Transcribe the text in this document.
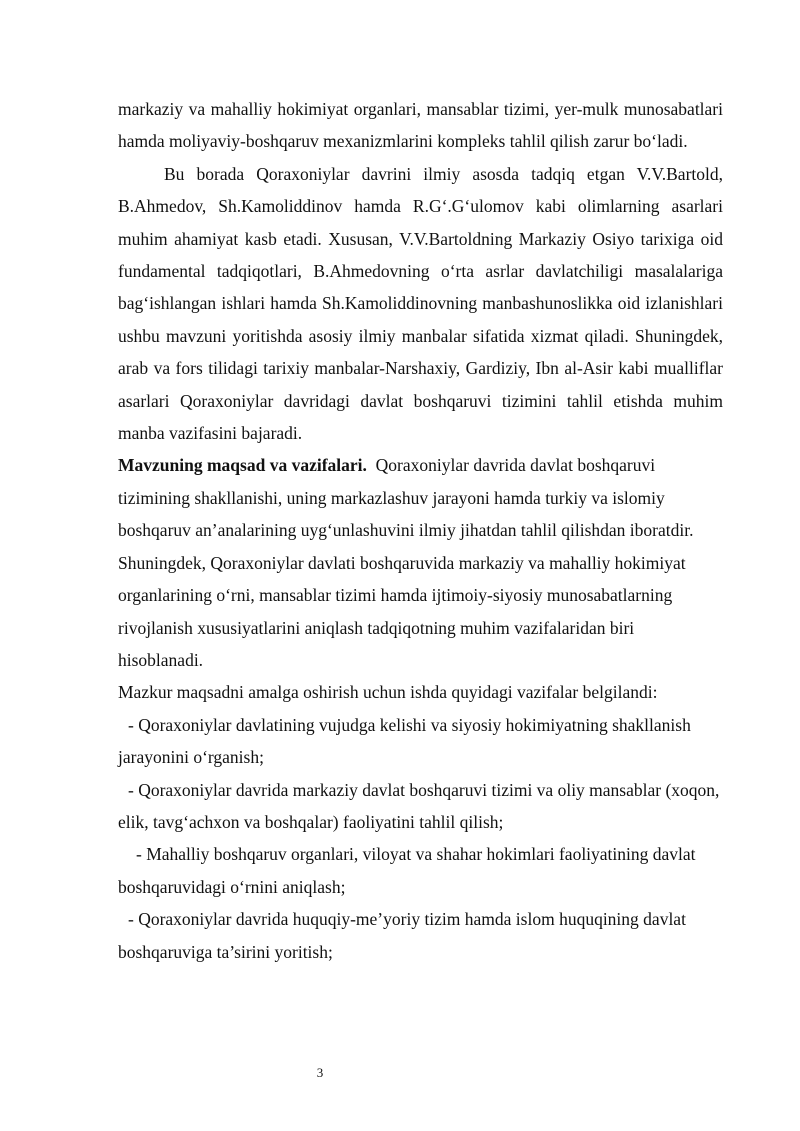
markaziy va mahalliy hokimiyat organlari, mansablar tizimi, yer-mulk munosabatlari hamda moliyaviy-boshqaruv mexanizmlarini kompleks tahlil qilish zarur bo‘ladi.

Bu borada Qoraxoniylar davrini ilmiy asosda tadqiq etgan V.V.Bartold, B.Ahmedov, Sh.Kamoliddinov hamda R.G‘.G‘ulomov kabi olimlarning asarlari muhim ahamiyat kasb etadi. Xususan, V.V.Bartoldning Markaziy Osiyo tarixiga oid fundamental tadqiqotlari, B.Ahmedovning o‘rta asrlar davlatchiligi masalalariga bag‘ishlangan ishlari hamda Sh.Kamoliddinovning manbashunoslikka oid izlanishlari ushbu mavzuni yoritishda asosiy ilmiy manbalar sifatida xizmat qiladi. Shuningdek, arab va fors tilidagi tarixiy manbalar-Narshaxiy, Gardiziy, Ibn al-Asir kabi mualliflar asarlari Qoraxoniylar davridagi davlat boshqaruvi tizimini tahlil etishda muhim manba vazifasini bajaradi.

Mavzuning maqsad va vazifalari. Qoraxoniylar davrida davlat boshqaruvi tizimining shakllanishi, uning markazlashuv jarayoni hamda turkiy va islomiy boshqaruv an’analarining uyg‘unlashuvini ilmiy jihatdan tahlil qilishdan iboratdir. Shuningdek, Qoraxoniylar davlati boshqaruvida markaziy va mahalliy hokimiyat organlarining o‘rni, mansablar tizimi hamda ijtimoiy-siyosiy munosabatlarning rivojlanish xususiyatlarini aniqlash tadqiqotning muhim vazifalaridan biri hisoblanadi.

Mazkur maqsadni amalga oshirish uchun ishda quyidagi vazifalar belgilandi:

- Qoraxoniylar davlatining vujudga kelishi va siyosiy hokimiyatning shakllanish jarayonini o‘rganish;

- Qoraxoniylar davrida markaziy davlat boshqaruvi tizimi va oliy mansablar (xoqon, elik, tavg‘achxon va boshqalar) faoliyatini tahlil qilish;

- Mahalliy boshqaruv organlari, viloyat va shahar hokimlari faoliyatining davlat boshqaruvidagi o‘rnini aniqlash;

- Qoraxoniylar davrida huquqiy-me’yoriy tizim hamda islom huquqining davlat boshqaruviga ta’sirini yoritish;

3
